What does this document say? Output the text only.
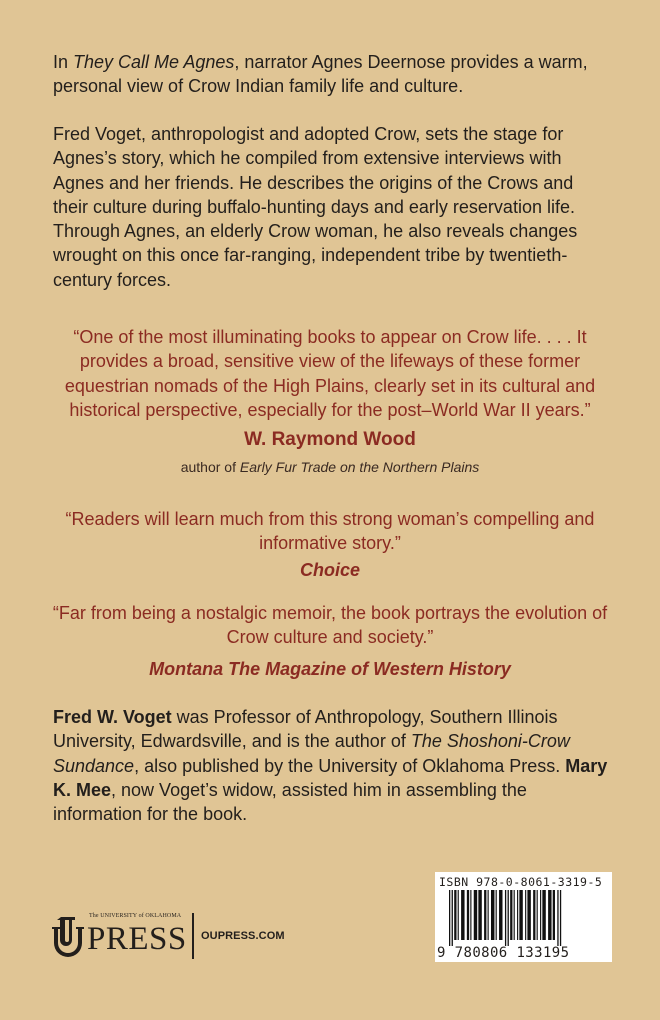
In They Call Me Agnes, narrator Agnes Deernose provides a warm, personal view of Crow Indian family life and culture.

Fred Voget, anthropologist and adopted Crow, sets the stage for Agnes’s story, which he compiled from extensive interviews with Agnes and her friends. He describes the origins of the Crows and their culture during buffalo-hunting days and early reservation life. Through Agnes, an elderly Crow woman, he also reveals changes wrought on this once far-ranging, independent tribe by twentieth-century forces.

“One of the most illuminating books to appear on Crow life. . . . It provides a broad, sensitive view of the lifeways of these former equestrian nomads of the High Plains, clearly set in its cultural and historical perspective, especially for the post–World War II years.”

W. Raymond Wood

author of Early Fur Trade on the Northern Plains

“Readers will learn much from this strong woman’s compelling and informative story.”

Choice

“Far from being a nostalgic memoir, the book portrays the evolution of Crow culture and society.”

Montana The Magazine of Western History

Fred W. Voget was Professor of Anthropology, Southern Illinois University, Edwardsville, and is the author of The Shoshoni-Crow Sundance, also published by the University of Oklahoma Press. Mary K. Mee, now Voget’s widow, assisted him in assembling the information for the book.

The UNIVERSITY of OKLAHOMA
PRESS OUPRESS.COM
ISBN 978-0-8061-3319-5
9 780806 133195
